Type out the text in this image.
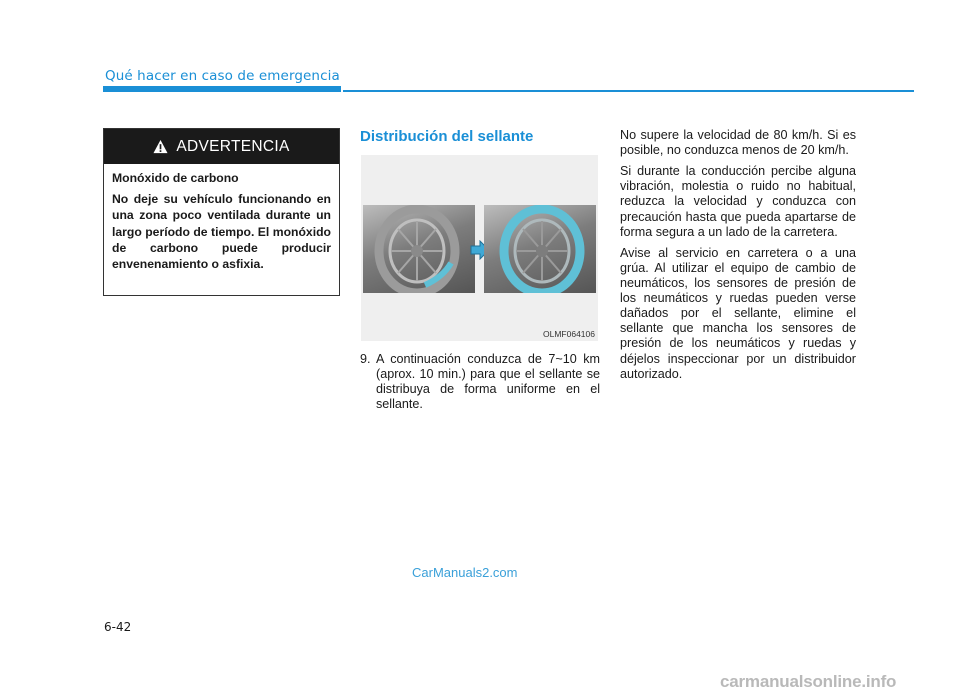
Qué hacer en caso de emergencia
ADVERTENCIA

Monóxido de carbono

No deje su vehículo funcionando en una zona poco ventilada durante un largo período de tiempo. El monóxido de carbono puede producir envenenamiento o asfixia.

Distribución del sellante
OLMF064106
9. A continuación conduzca de 7~10 km (aprox. 10 min.) para que el sellante se distribuya de forma uniforme en el sellante.

No supere la velocidad de 80 km/h. Si es posible, no conduzca menos de 20 km/h.

Si durante la conducción percibe alguna vibración, molestia o ruido no habitual, reduzca la velocidad y conduzca con precaución hasta que pueda apartarse de forma segura a un lado de la carretera.

Avise al servicio en carretera o a una grúa. Al utilizar el equipo de cambio de neumáticos, los sensores de presión de los neumáticos y ruedas pueden verse dañados por el sellante, elimine el sellante que mancha los sensores de presión de los neumáticos y ruedas y déjelos inspeccionar por un distribuidor autorizado.

CarManuals2.com
6-42
carmanualsonline.info
